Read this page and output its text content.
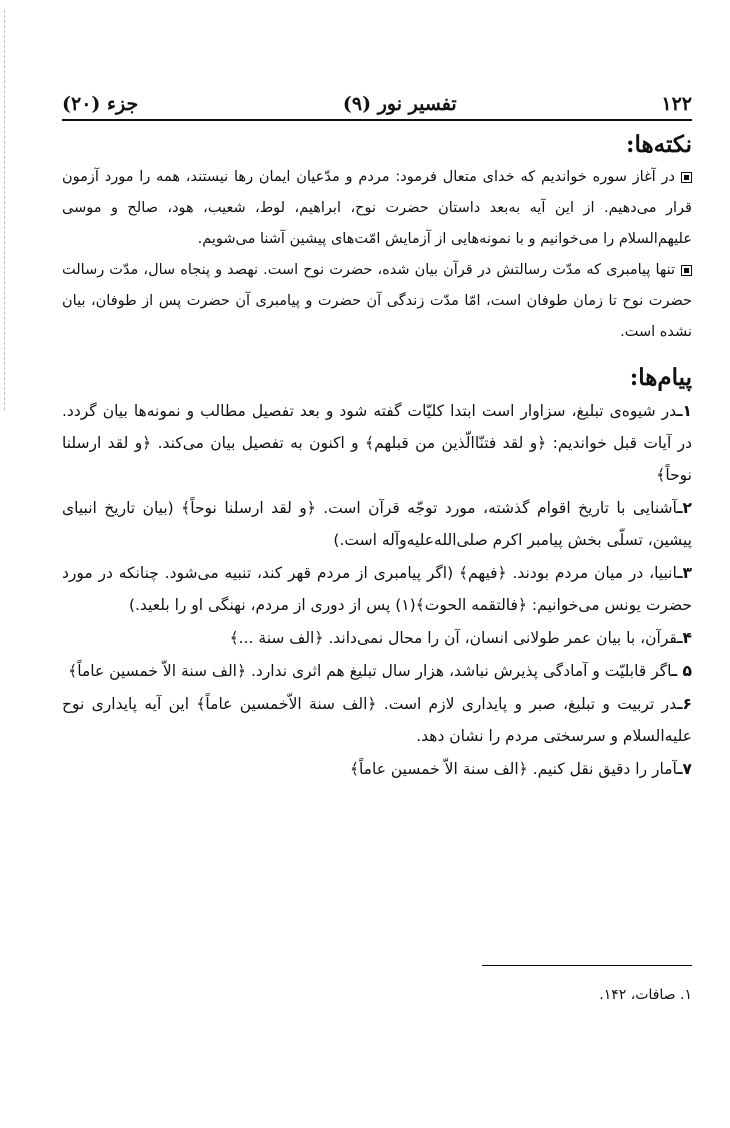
۱۲۲
تفسیر نور (۹)
جزء (۲۰)
نکته‌ها:

در آغاز سوره خواندیم که خدای متعال فرمود: مردم و مدّعیان ایمان رها نیستند، همه را مورد آزمون قرار می‌دهیم. از این آیه به‌بعد داستان حضرت نوح، ابراهیم، لوط، شعیب، هود، صالح و موسی علیهم‌السلام را می‌خوانیم و با نمونه‌هایی از آزمایش امّت‌های پیشین آشنا می‌شویم.

تنها پیامبری که مدّت رسالتش در قرآن بیان شده، حضرت نوح است. نهصد و پنجاه سال، مدّت رسالت حضرت نوح تا زمان طوفان است، امّا مدّت زندگی آن حضرت و پیامبری آن حضرت پس از طوفان، بیان نشده است.

پیام‌ها:

۱ـدر شیوه‌ی تبلیغ، سزاوار است ابتدا کلیّات گفته شود و بعد تفصیل مطالب و نمونه‌ها بیان گردد. در آیات قبل خواندیم: ﴿و لقد فتنّاالّذین من قبلهم﴾ و اکنون به تفصیل بیان می‌کند. ﴿و لقد ارسلنا نوحاً﴾

۲ـآشنایی با تاریخ اقوام گذشته، مورد توجّه قرآن است. ﴿و لقد ارسلنا نوحاً﴾ (بیان تاریخ انبیای پیشین، تسلّی بخش پیامبر اکرم صلی‌الله‌علیه‌وآله است.)

۳ـانبیا، در میان مردم بودند. ﴿فیهم﴾ (اگر پیامبری از مردم قهر کند، تنبیه می‌شود. چنانکه در مورد حضرت یونس می‌خوانیم: ﴿فالتقمه الحوت﴾(۱) پس از دوری از مردم، نهنگی او را بلعید.)

۴ـقرآن، با بیان عمر طولانی انسان، آن را محال نمی‌داند. ﴿الف سنة ...﴾

۵ ـاگر قابلیّت و آمادگی پذیرش نباشد، هزار سال تبلیغ هم اثری ندارد. ﴿الف سنة الاّ خمسین عاماً﴾

۶ـدر تربیت و تبلیغ، صبر و پایداری لازم است. ﴿الف سنة الاّخمسین عاماً﴾ این آیه پایداری نوح علیه‌السلام و سرسختی مردم را نشان دهد.

۷ـآمار را دقیق نقل کنیم. ﴿الف سنة الاّ خمسین عاماً﴾

۱. صافات، ۱۴۲.
